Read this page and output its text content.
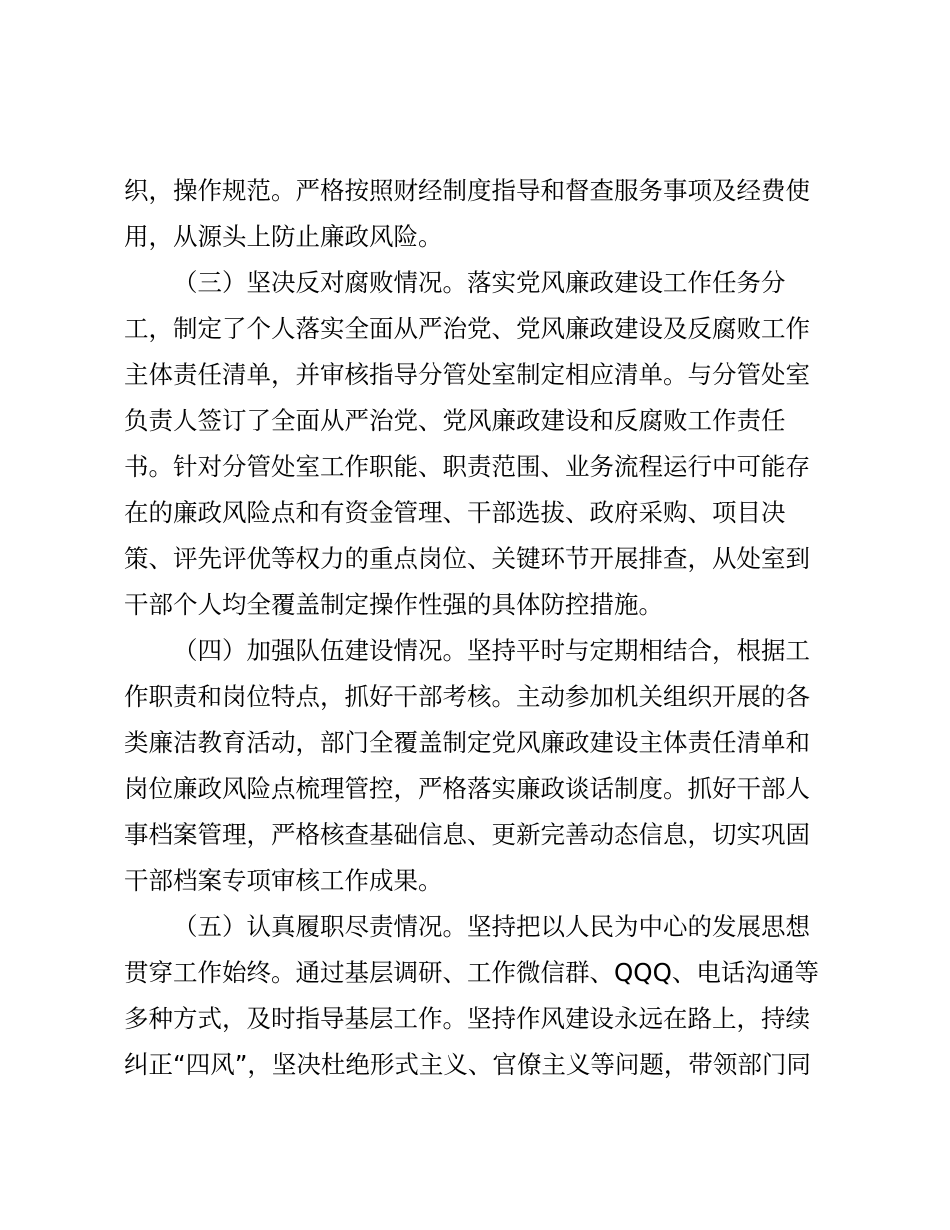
织，操作规范。严格按照财经制度指导和督查服务事项及经费使
用，从源头上防止廉政风险。
（三）坚决反对腐败情况。落实党风廉政建设工作任务分
工，制定了个人落实全面从严治党、党风廉政建设及反腐败工作
主体责任清单，并审核指导分管处室制定相应清单。与分管处室
负责人签订了全面从严治党、党风廉政建设和反腐败工作责任
书。针对分管处室工作职能、职责范围、业务流程运行中可能存
在的廉政风险点和有资金管理、干部选拔、政府采购、项目决
策、评先评优等权力的重点岗位、关键环节开展排查，从处室到
干部个人均全覆盖制定操作性强的具体防控措施。
（四）加强队伍建设情况。坚持平时与定期相结合，根据工
作职责和岗位特点，抓好干部考核。主动参加机关组织开展的各
类廉洁教育活动，部门全覆盖制定党风廉政建设主体责任清单和
岗位廉政风险点梳理管控，严格落实廉政谈话制度。抓好干部人
事档案管理，严格核查基础信息、更新完善动态信息，切实巩固
干部档案专项审核工作成果。
（五）认真履职尽责情况。坚持把以人民为中心的发展思想
贯穿工作始终。通过基层调研、工作微信群、QQQ、电话沟通等
多种方式，及时指导基层工作。坚持作风建设永远在路上，持续
纠正“四风”，坚决杜绝形式主义、官僚主义等问题，带领部门同
